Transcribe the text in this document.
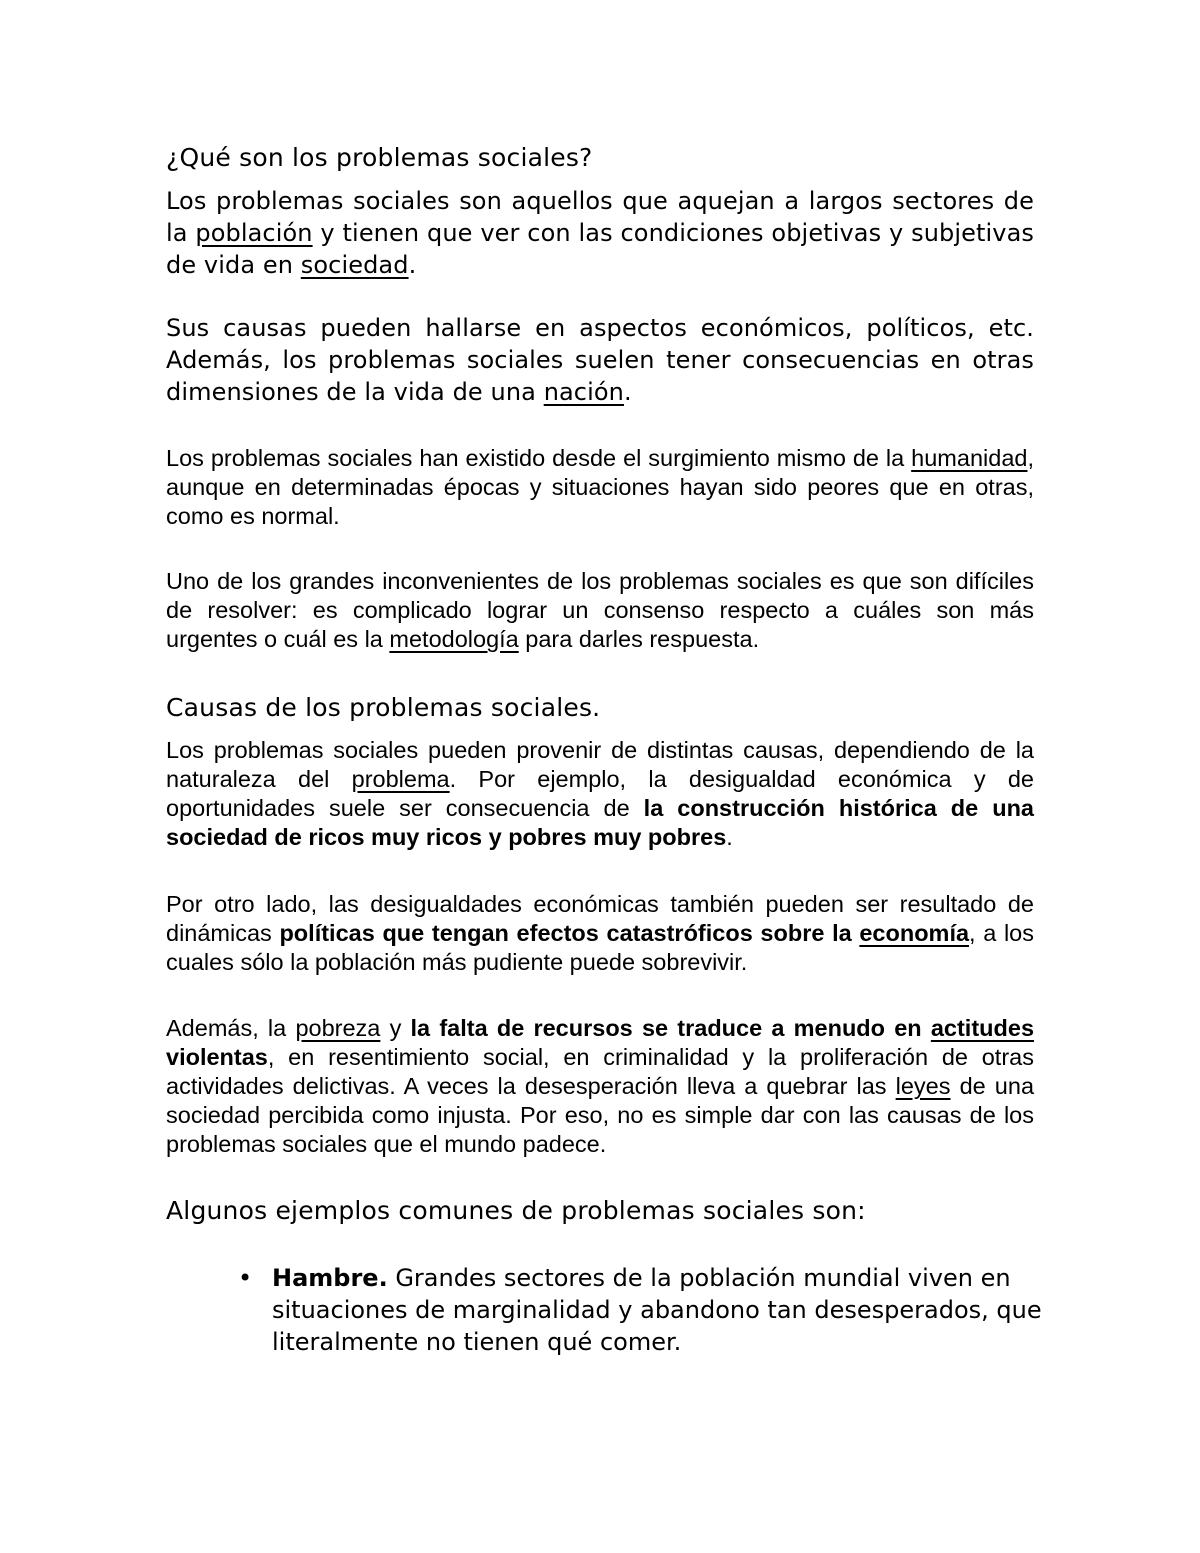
¿Qué son los problemas sociales?

Los problemas sociales son aquellos que aquejan a largos sectores de la población y tienen que ver con las condiciones objetivas y subjetivas de vida en sociedad.

Sus causas pueden hallarse en aspectos económicos, políticos, etc. Además, los problemas sociales suelen tener consecuencias en otras dimensiones de la vida de una nación.

Los problemas sociales han existido desde el surgimiento mismo de la humanidad, aunque en determinadas épocas y situaciones hayan sido peores que en otras, como es normal.

Uno de los grandes inconvenientes de los problemas sociales es que son difíciles de resolver: es complicado lograr un consenso respecto a cuáles son más urgentes o cuál es la metodología para darles respuesta.

Causas de los problemas sociales.

Los problemas sociales pueden provenir de distintas causas, dependiendo de la naturaleza del problema. Por ejemplo, la desigualdad económica y de oportunidades suele ser consecuencia de la construcción histórica de una sociedad de ricos muy ricos y pobres muy pobres.

Por otro lado, las desigualdades económicas también pueden ser resultado de dinámicas políticas que tengan efectos catastróficos sobre la economía, a los cuales sólo la población más pudiente puede sobrevivir.

Además, la pobreza y la falta de recursos se traduce a menudo en actitudes violentas, en resentimiento social, en criminalidad y la proliferación de otras actividades delictivas. A veces la desesperación lleva a quebrar las leyes de una sociedad percibida como injusta. Por eso, no es simple dar con las causas de los problemas sociales que el mundo padece.

Algunos ejemplos comunes de problemas sociales son:
• Hambre. Grandes sectores de la población mundial viven en situaciones de marginalidad y abandono tan desesperados, que literalmente no tienen qué comer.
